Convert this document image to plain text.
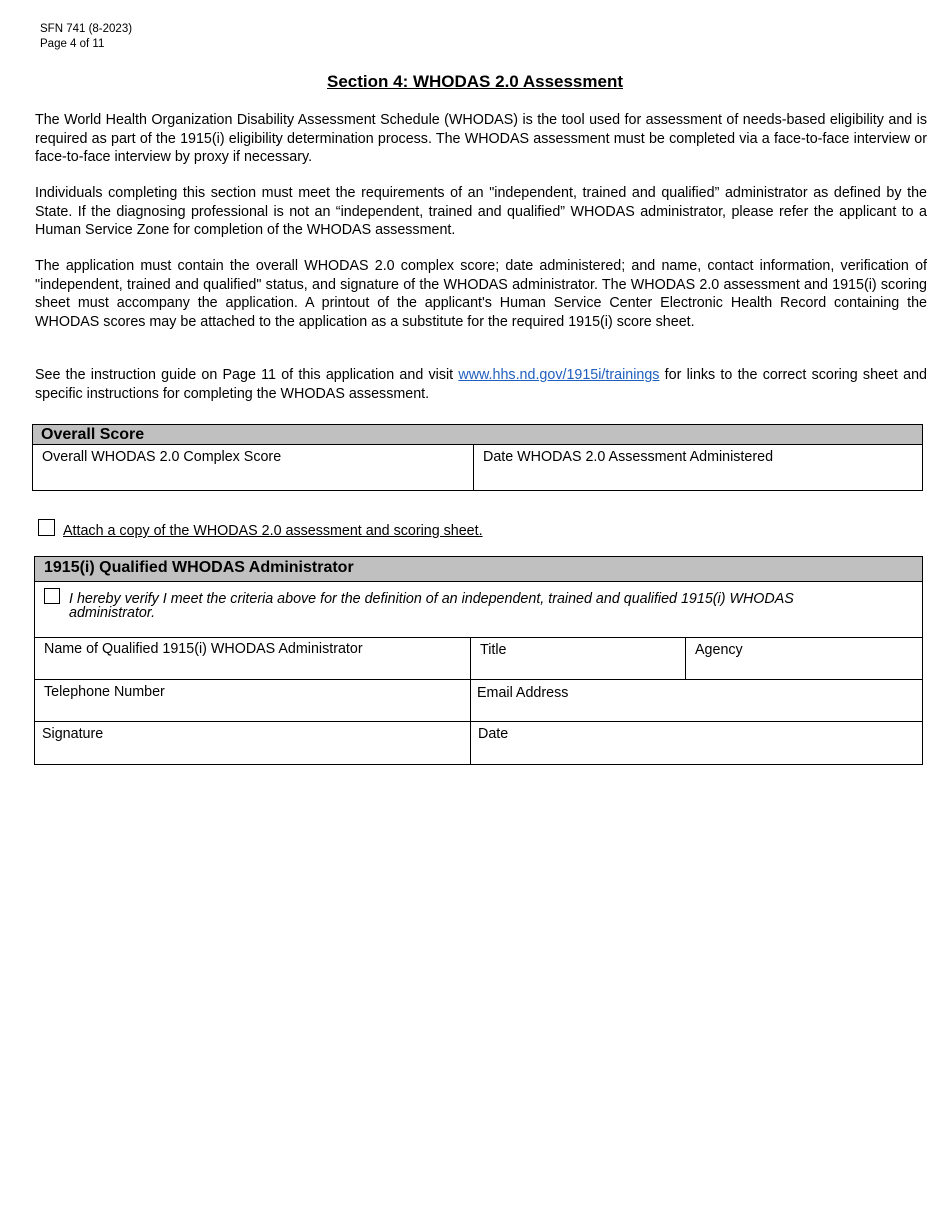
SFN 741 (8-2023)
Page 4 of 11
Section 4: WHODAS 2.0 Assessment

The World Health Organization Disability Assessment Schedule (WHODAS) is the tool used for assessment of needs-based eligibility and is required as part of the 1915(i) eligibility determination process. The WHODAS assessment must be completed via a face-to-face interview or face-to-face interview by proxy if necessary.

Individuals completing this section must meet the requirements of an "independent, trained and qualified” administrator as defined by the State. If the diagnosing professional is not an “independent, trained and qualified” WHODAS administrator, please refer the applicant to a Human Service Zone for completion of the WHODAS assessment.

The application must contain the overall WHODAS 2.0 complex score; date administered; and name, contact information, verification of "independent, trained and qualified" status, and signature of the WHODAS administrator. The WHODAS 2.0 assessment and 1915(i) scoring sheet must accompany the application. A printout of the applicant's Human Service Center Electronic Health Record containing the WHODAS scores may be attached to the application as a substitute for the required 1915(i) score sheet.

See the instruction guide on Page 11 of this application and visit www.hhs.nd.gov/1915i/trainings for links to the correct scoring sheet and specific instructions for completing the WHODAS assessment.

Overall Score
Overall WHODAS 2.0 Complex Score	Date WHODAS 2.0 Assessment Administered
Attach a copy of the WHODAS 2.0 assessment and scoring sheet.
1915(i) Qualified WHODAS Administrator		

I hereby verify I meet the criteria above for the definition of an independent, trained and qualified 1915(i) WHODAS
administrator.		

Name of Qualified 1915(i) WHODAS Administrator	Title	Agency
Telephone Number	Email Address	
Signature	Date	
